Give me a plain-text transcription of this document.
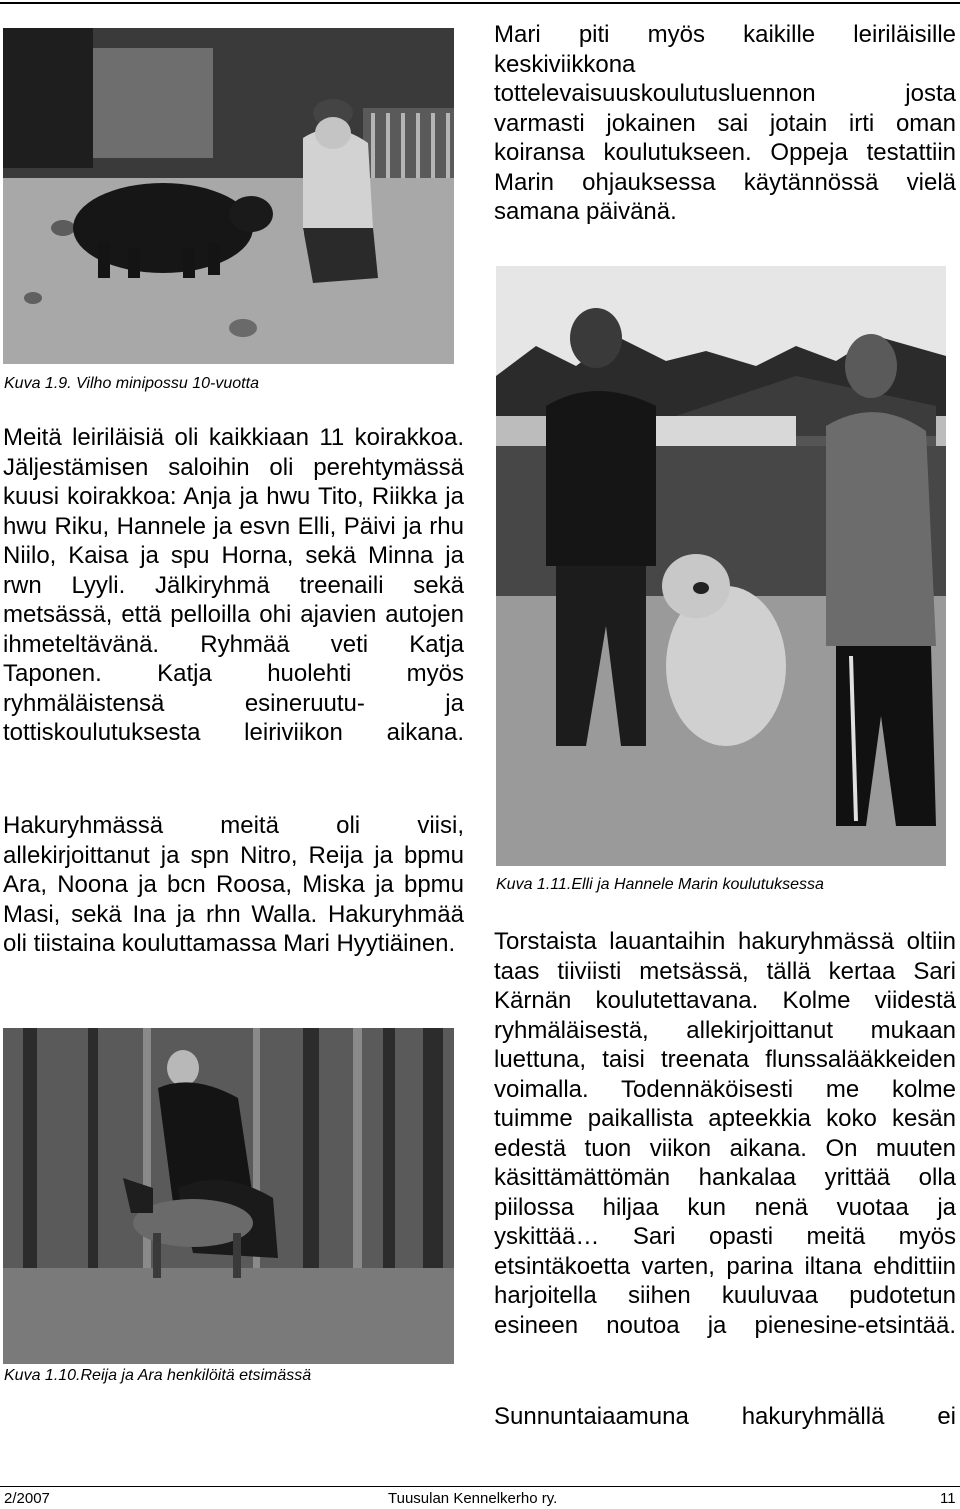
Kuva 1.9. Vilho minipossu 10-vuotta

Mari piti myös kaikille leiriläisille keskiviikkona tottelevaisuuskoulutusluennon josta varmasti jokainen sai jotain irti oman koiransa koulutukseen. Oppeja testattiin Marin ohjauksessa käytännössä vielä samana päivänä.

Meitä leiriläisiä oli kaikkiaan 11 koirakkoa. Jäljestämisen saloihin oli perehtymässä kuusi koirakkoa: Anja ja hwu Tito, Riikka ja hwu Riku, Hannele ja esvn Elli, Päivi ja rhu Niilo, Kaisa ja spu Horna, sekä Minna ja rwn Lyyli. Jälkiryhmä treenaili sekä metsässä, että pelloilla ohi ajavien autojen ihmeteltävänä. Ryhmää veti Katja Taponen. Katja huolehti myös ryhmäläistensä esineruutu- ja tottiskoulutuksesta leiriviikon aikana.

Hakuryhmässä meitä oli viisi, allekirjoittanut ja spn Nitro, Reija ja bpmu Ara, Noona ja bcn Roosa, Miska ja bpmu Masi, sekä Ina ja rhn Walla. Hakuryhmää oli tiistaina kouluttamassa Mari Hyytiäinen.

Kuva 1.11.Elli ja Hannele Marin koulutuksessa

Torstaista lauantaihin hakuryhmässä oltiin taas tiiviisti metsässä, tällä kertaa Sari Kärnän koulutettavana. Kolme viidestä ryhmäläisestä, allekirjoittanut mukaan luettuna, taisi treenata flunssalääkkeiden voimalla. Todennäköisesti me kolme tuimme paikallista apteekkia koko kesän edestä tuon viikon aikana. On muuten käsittämättömän hankalaa yrittää olla piilossa hiljaa kun nenä vuotaa ja yskittää… Sari opasti meitä myös etsintäkoetta varten, parina iltana ehdittiin harjoitella siihen kuuluvaa pudotetun esineen noutoa ja pienesine-etsintää.

Sunnuntaiaamuna hakuryhmällä ei

Kuva 1.10.Reija ja Ara henkilöitä etsimässä
2/2007	Tuusulan Kennelkerho ry.	11
